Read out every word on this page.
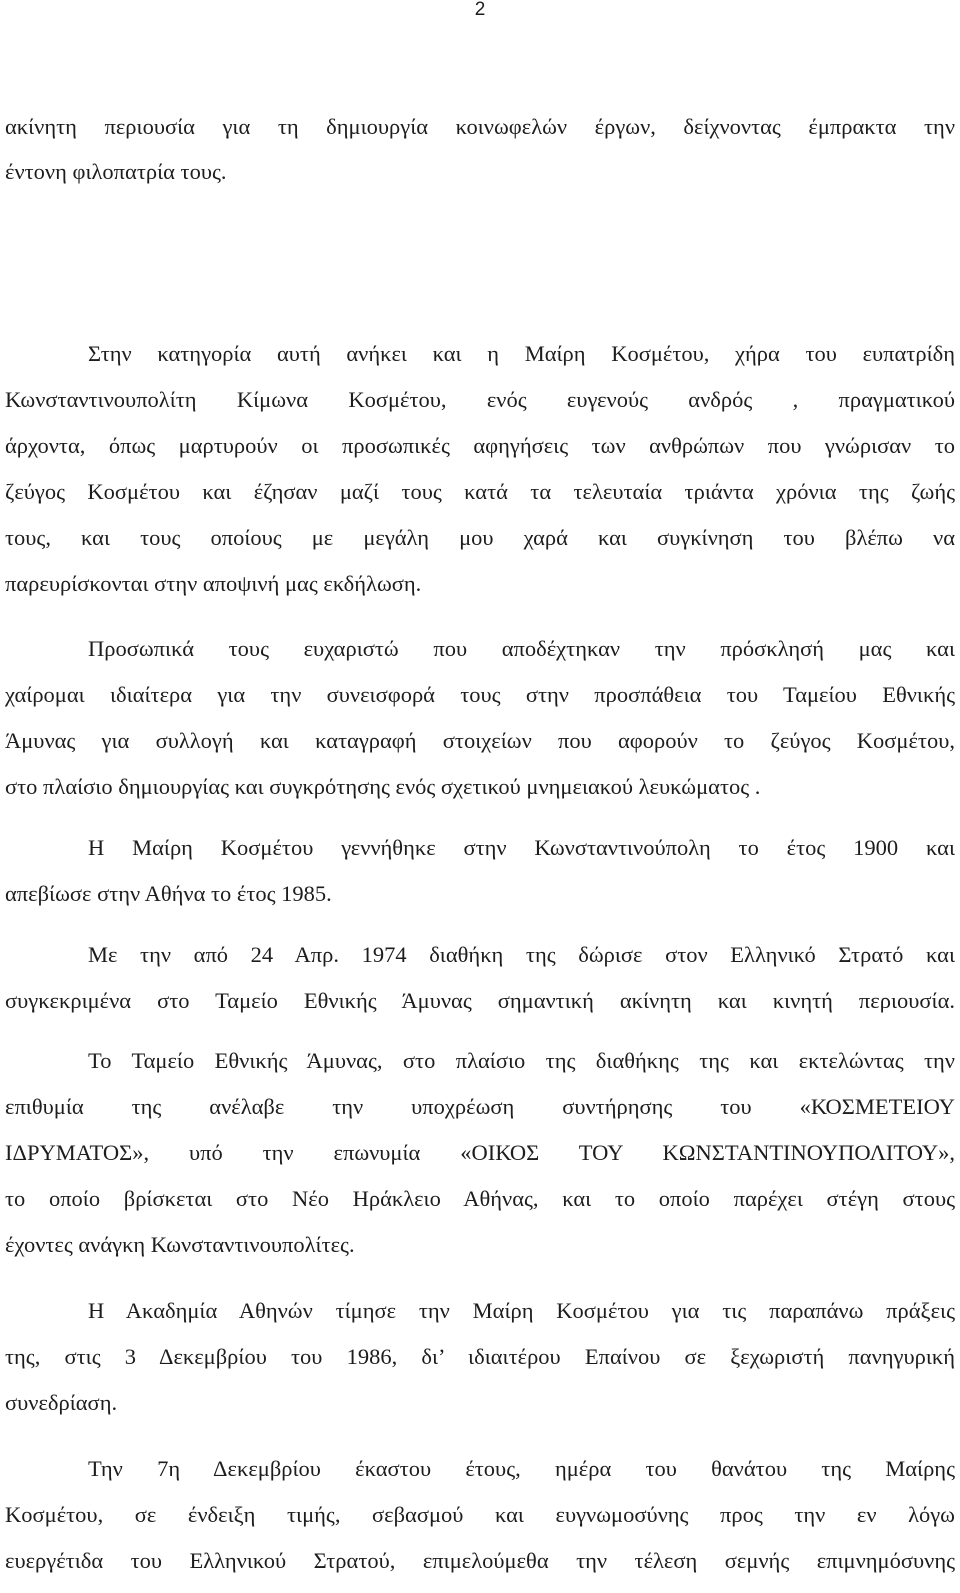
2
ακίνητη περιουσία για τη δημιουργία κοινωφελών έργων, δείχνοντας έμπρακτα την
έντονη φιλοπατρία τους.
Στην κατηγορία αυτή ανήκει και η Μαίρη Κοσμέτου, χήρα του ευπατρίδη
Κωνσταντινουπολίτη Κίμωνα Κοσμέτου, ενός ευγενούς ανδρός , πραγματικού
άρχοντα, όπως μαρτυρούν οι προσωπικές αφηγήσεις των ανθρώπων που γνώρισαν το
ζεύγος Κοσμέτου και έζησαν μαζί τους κατά τα τελευταία τριάντα χρόνια της ζωής
τους, και τους οποίους με μεγάλη μου χαρά και συγκίνηση του βλέπω να
παρευρίσκονται στην αποψινή μας εκδήλωση.
Προσωπικά τους ευχαριστώ που αποδέχτηκαν την πρόσκλησή μας και
χαίρομαι ιδιαίτερα για την συνεισφορά τους στην προσπάθεια του Ταμείου Εθνικής
Άμυνας για συλλογή και καταγραφή στοιχείων που αφορούν το ζεύγος Κοσμέτου,
στο πλαίσιο δημιουργίας και συγκρότησης ενός σχετικού μνημειακού λευκώματος .
Η Μαίρη Κοσμέτου γεννήθηκε στην Κωνσταντινούπολη το έτος 1900 και
απεβίωσε στην Αθήνα το έτος 1985.
Με την από 24 Απρ. 1974 διαθήκη της δώρισε στον Ελληνικό Στρατό και
συγκεκριμένα στο Ταμείο Εθνικής Άμυνας σημαντική ακίνητη και κινητή περιουσία.
Το Ταμείο Εθνικής Άμυνας, στο πλαίσιο της διαθήκης της και εκτελώντας την
επιθυμία της ανέλαβε την υποχρέωση συντήρησης του «ΚΟΣΜΕΤΕΙΟΥ
ΙΔΡΥΜΑΤΟΣ», υπό την επωνυμία «ΟΙΚΟΣ ΤΟΥ ΚΩΝΣΤΑΝΤΙΝΟΥΠΟΛΙΤΟΥ»,
το οποίο βρίσκεται στο Νέο Ηράκλειο Αθήνας, και το οποίο παρέχει στέγη στους
έχοντες ανάγκη Κωνσταντινουπολίτες.
Η Ακαδημία Αθηνών τίμησε την Μαίρη Κοσμέτου για τις παραπάνω πράξεις
της, στις 3 Δεκεμβρίου του 1986, δι’ ιδιαιτέρου Επαίνου σε ξεχωριστή πανηγυρική
συνεδρίαση.
Την 7η Δεκεμβρίου έκαστου έτους, ημέρα του θανάτου της Μαίρης
Κοσμέτου, σε ένδειξη τιμής, σεβασμού και ευγνωμοσύνης προς την εν λόγω
ευεργέτιδα του Ελληνικού Στρατού, επιμελούμεθα την τέλεση σεμνής επιμνημόσυνης
